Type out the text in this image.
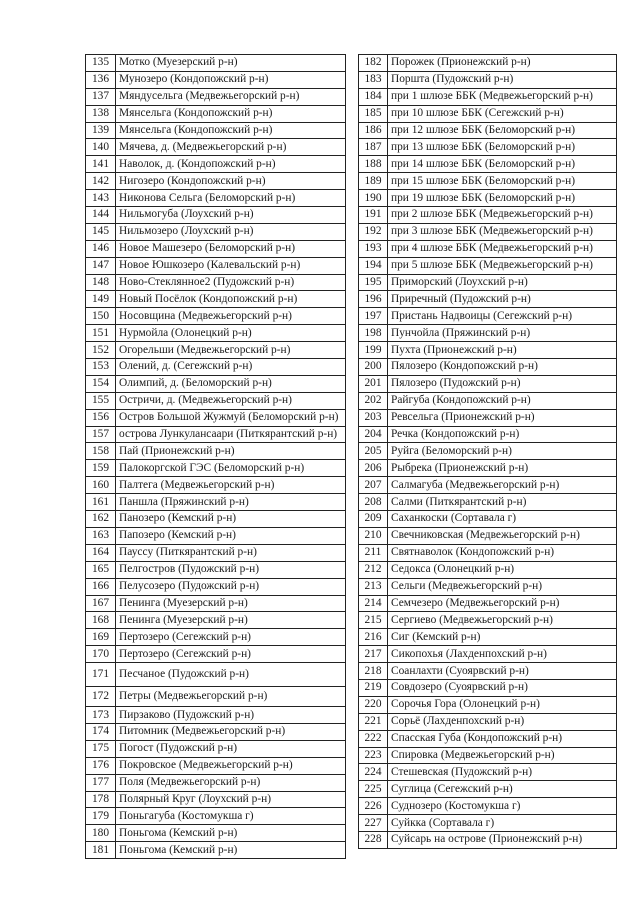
135	Мотко (Муезерский р-н)
136	Мунозеро (Кондопожский р-н)
137	Мяндусельга (Медвежьегорский р-н)
138	Мянсельга (Кондопожский р-н)
139	Мянсельга (Кондопожский р-н)
140	Мячева, д. (Медвежьегорский р-н)
141	Наволок, д. (Кондопожский р-н)
142	Нигозеро (Кондопожский р-н)
143	Никонова Сельга (Беломорский р-н)
144	Нильмогуба (Лоухский р-н)
145	Нильмозеро (Лоухский р-н)
146	Новое Машезеро (Беломорский р-н)
147	Новое Юшкозеро (Калевальский р-н)
148	Ново-Стеклянное2 (Пудожский р-н)
149	Новый Посёлок (Кондопожский р-н)
150	Носовщина (Медвежьегорский р-н)
151	Нурмойла (Олонецкий р-н)
152	Огорельши (Медвежьегорский р-н)
153	Олений, д. (Сегежский р-н)
154	Олимпий, д. (Беломорский р-н)
155	Остричи, д. (Медвежьегорский р-н)
156	Остров Большой Жужмуй (Беломорский р-н)
157	острова Лункулансаари (Питкярантский р-н)
158	Пай (Прионежский р-н)
159	Палокоргской ГЭС (Беломорский р-н)
160	Палтега (Медвежьегорский р-н)
161	Паншла (Пряжинский р-н)
162	Панозеро (Кемский р-н)
163	Папозеро (Кемский р-н)
164	Паусcу (Питкярантский р-н)
165	Пелгостров (Пудожский р-н)
166	Пелусозеро (Пудожский р-н)
167	Пенинга (Муезерский р-н)
168	Пенинга (Муезерский р-н)
169	Пертозеро (Сегежский р-н)
170	Пертозеро (Сегежский р-н)
171	Песчаное (Пудожский р-н)
172	Петры (Медвежьегорский р-н)
173	Пирзаково (Пудожский р-н)
174	Питомник (Медвежьегорский р-н)
175	Погост (Пудожский р-н)
176	Покровское (Медвежьегорский р-н)
177	Поля (Медвежьегорский р-н)
178	Полярный Круг (Лоухский р-н)
179	Поньгагуба (Костомукша г)
180	Поньгома (Кемский р-н)
181	Поньгома (Кемский р-н)
182	Порожек (Прионежский р-н)
183	Поршта (Пудожский р-н)
184	при 1 шлюзе ББК (Медвежьегорский р-н)
185	при 10 шлюзе ББК (Сегежский р-н)
186	при 12 шлюзе ББК (Беломорский р-н)
187	при 13 шлюзе ББК (Беломорский р-н)
188	при 14 шлюзе ББК (Беломорский р-н)
189	при 15 шлюзе ББК (Беломорский р-н)
190	при 19 шлюзе ББК (Беломорский р-н)
191	при 2 шлюзе ББК (Медвежьегорский р-н)
192	при 3 шлюзе ББК (Медвежьегорский р-н)
193	при 4 шлюзе ББК (Медвежьегорский р-н)
194	при 5 шлюзе ББК (Медвежьегорский р-н)
195	Приморский (Лоухский р-н)
196	Приречный (Пудожский р-н)
197	Пристань Надвоицы (Сегежский р-н)
198	Пунчойла (Пряжинский р-н)
199	Пухта (Прионежский р-н)
200	Пялозеро (Кондопожский р-н)
201	Пялозеро (Пудожский р-н)
202	Райгуба (Кондопожский р-н)
203	Ревсельга (Прионежский р-н)
204	Речка (Кондопожский р-н)
205	Руйга (Беломорский р-н)
206	Рыбрека (Прионежский р-н)
207	Салмагуба (Медвежьегорский р-н)
208	Салми (Питкярантский р-н)
209	Саханкоски (Сортавала г)
210	Свечниковская (Медвежьегорский р-н)
211	Святнаволок (Кондопожский р-н)
212	Седокса (Олонецкий р-н)
213	Сельги (Медвежьегорский р-н)
214	Семчезеро (Медвежьегорский р-н)
215	Сергиево (Медвежьегорский р-н)
216	Сиг (Кемский р-н)
217	Сикопохья (Лахденпохский р-н)
218	Соанлахти (Суоярвский р-н)
219	Совдозеро (Суоярвский р-н)
220	Сорочья Гора (Олонецкий р-н)
221	Сорьё (Лахденпохский р-н)
222	Спасская Губа (Кондопожский р-н)
223	Спировка (Медвежьегорский р-н)
224	Стешевская (Пудожский р-н)
225	Суглица (Сегежский р-н)
226	Суднозеро (Костомукша г)
227	Суйкка (Сортавала г)
228	Суйсарь на острове (Прионежский р-н)
